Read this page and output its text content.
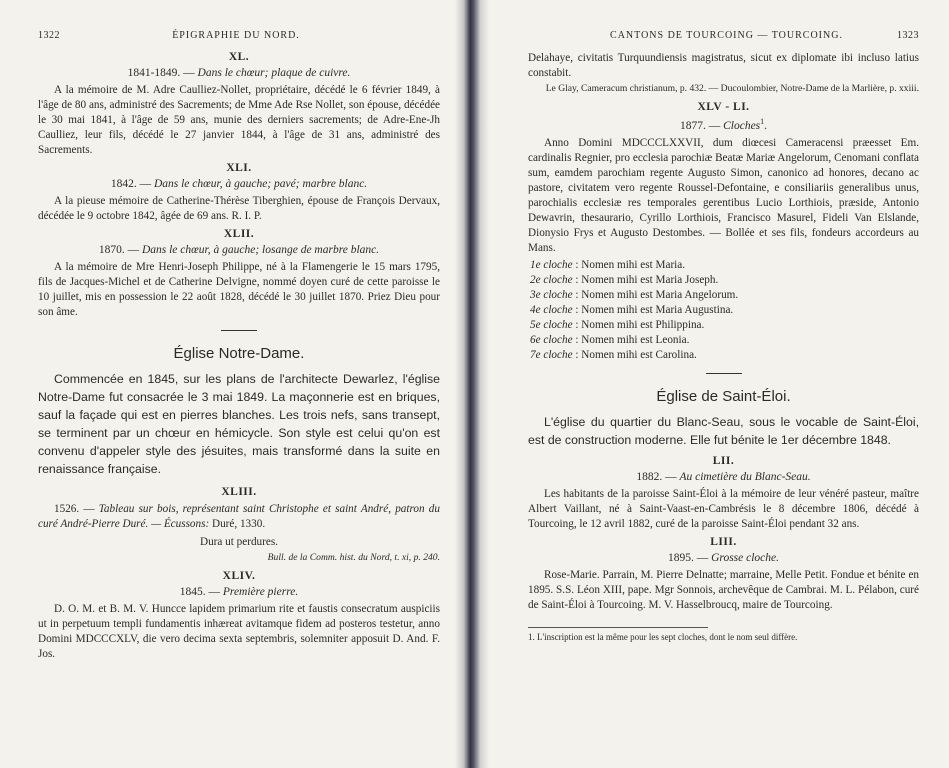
1322	ÉPIGRAPHIE DU NORD.
XL.
1841-1849. — Dans le chœur; plaque de cuivre.

A la mémoire de M. Adre Caulliez-Nollet, propriétaire, décédé le 6 février 1849, à l'âge de 80 ans, administré des Sacrements; de Mme Ade Rse Nollet, son épouse, décédée le 30 mai 1841, à l'âge de 59 ans, munie des derniers sacrements; de Adre-Ene-Jh Caulliez, leur fils, décédé le 27 janvier 1844, à l'âge de 31 ans, administré des Sacrements.

XLI.
1842. — Dans le chœur, à gauche; pavé; marbre blanc.

A la pieuse mémoire de Catherine-Thérèse Tiberghien, épouse de François Dervaux, décédée le 9 octobre 1842, âgée de 69 ans. R. I. P.

XLII.
1870. — Dans le chœur, à gauche; losange de marbre blanc.

A la mémoire de Mre Henri-Joseph Philippe, né à la Flamengerie le 15 mars 1795, fils de Jacques-Michel et de Catherine Delvigne, nommé doyen curé de cette paroisse le 10 juillet, mis en possession le 22 août 1828, décédé le 30 juillet 1870. Priez Dieu pour son âme.

Église Notre-Dame.

Commencée en 1845, sur les plans de l'architecte Dewarlez, l'église Notre-Dame fut consacrée le 3 mai 1849. La maçonnerie est en briques, sauf la façade qui est en pierres blanches. Les trois nefs, sans transept, se terminent par un chœur en hémicycle. Son style est celui qu'on est convenu d'appeler style des jésuites, mais transformé dans la suite en renaissance française.

XLIII.

1526. — Tableau sur bois, représentant saint Christophe et saint André, patron du curé André-Pierre Duré. — Écussons: Duré, 1330.

Dura ut perdures.
Bull. de la Comm. hist. du Nord, t. xi, p. 240.
XLIV.
1845. — Première pierre.

D. O. M. et B. M. V. Huncce lapidem primarium rite et faustis consecratum auspiciis ut in perpetuum templi fundamentis inhæreat avitamque fidem ad posteros testetur, anno Domini MDCCCXLV, die vero decima sexta septembris, solemniter apposuit D. And. F. Jos.

CANTONS DE TOURCOING — TOURCOING.	1323

Delahaye, civitatis Turquundiensis magistratus, sicut ex diplomate ibi incluso latius constabit.

Le Glay, Cameracum christianum, p. 432. — Ducoulombier, Notre-Dame de la Marlière, p. xxiii.
XLV - LI.
1877. — Cloches$^1$.

Anno Domini MDCCCLXXVII, dum diœcesi Cameracensi præesset Em. cardinalis Regnier, pro ecclesia parochiæ Beatæ Mariæ Angelorum, Cenomani conflata sum, eamdem parochiam regente Augusto Simon, canonico ad honores, decano ac pastore, civitatem vero regente Roussel-Defontaine, e consiliariis generalibus unus, parochialis ecclesiæ res temporales gerentibus Lucio Lorthiois, præside, Antonio Dewavrin, thesaurario, Cyrillo Lorthiois, Francisco Masurel, Fideli Van Elslande, Dionysio Frys et Augusto Destombes. — Bollée et ses fils, fondeurs accordeurs au Mans.

1e cloche : Nomen mihi est Maria.
2e cloche : Nomen mihi est Maria Joseph.
3e cloche : Nomen mihi est Maria Angelorum.
4e cloche : Nomen mihi est Maria Augustina.
5e cloche : Nomen mihi est Philippina.
6e cloche : Nomen mihi est Leonia.
7e cloche : Nomen mihi est Carolina.
Église de Saint-Éloi.

L'église du quartier du Blanc-Seau, sous le vocable de Saint-Éloi, est de construction moderne. Elle fut bénite le 1er décembre 1848.

LII.
1882. — Au cimetière du Blanc-Seau.

Les habitants de la paroisse Saint-Éloi à la mémoire de leur vénéré pasteur, maître Albert Vaillant, né à Saint-Vaast-en-Cambrésis le 8 décembre 1806, décédé à Tourcoing, le 12 avril 1882, curé de la paroisse Saint-Éloi pendant 32 ans.

LIII.
1895. — Grosse cloche.

Rose-Marie. Parrain, M. Pierre Delnatte; marraine, Melle Petit. Fondue et bénite en 1895. S.S. Léon XIII, pape. Mgr Sonnois, archevêque de Cambrai. M. L. Pélabon, curé de Saint-Éloi à Tourcoing. M. V. Hasselbroucq, maire de Tourcoing.

1. L'inscription est la même pour les sept cloches, dont le nom seul diffère.
